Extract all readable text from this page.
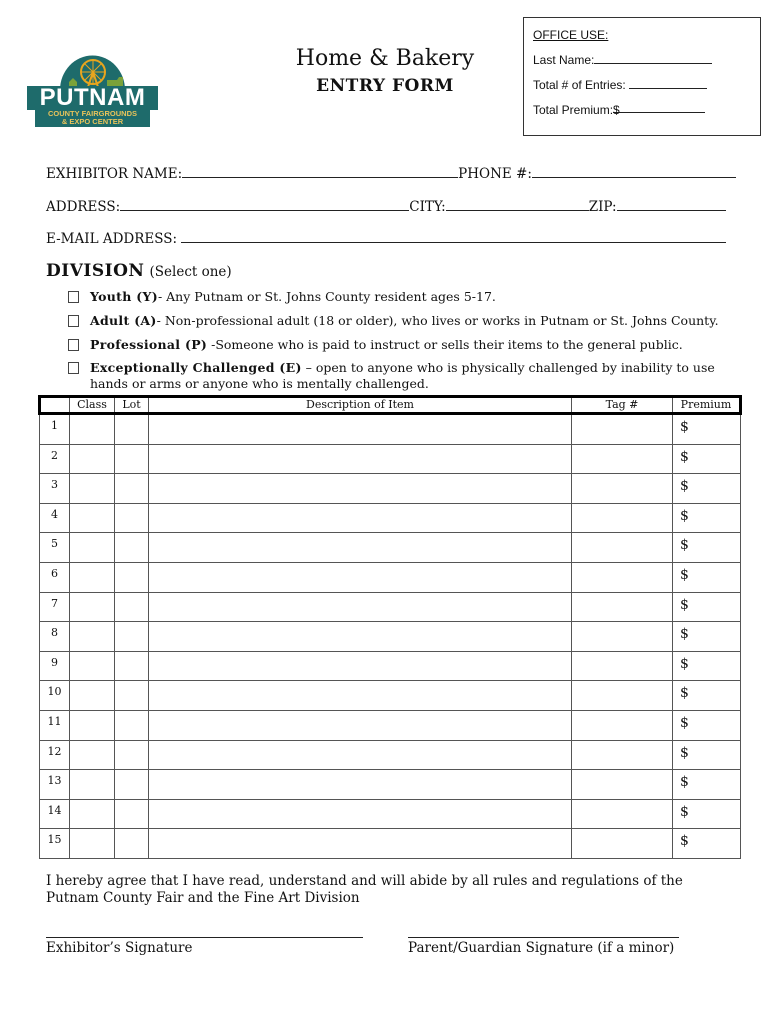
PUTNAM
COUNTY FAIRGROUNDS
& EXPO CENTER
Home & Bakery
ENTRY FORM
OFFICE USE:
Last Name:
Total # of Entries:
Total Premium:$
EXHIBITOR NAME:	PHONE #:
ADDRESS:	CITY:	ZIP:
E-MAIL ADDRESS:
DIVISION (Select one)
Youth (Y)- Any Putnam or St. Johns County resident ages 5-17.
Adult (A)- Non-professional adult (18 or older), who lives or works in Putnam or St. Johns County.
Professional (P) -Someone who is paid to instruct or sells their items to the general public.
Exceptionally Challenged (E) – open to anyone who is physically challenged by inability to use hands or arms or anyone who is mentally challenged.
	Class	Lot	Description of Item	Tag #	Premium
1					$
2					$
3					$
4					$
5					$
6					$
7					$
8					$
9					$
10					$
11					$
12					$
13					$
14					$
15					$
I hereby agree that I have read, understand and will abide by all rules and regulations of the Putnam County Fair and the Fine Art Division
Exhibitor’s Signature	Parent/Guardian Signature (if a minor)
